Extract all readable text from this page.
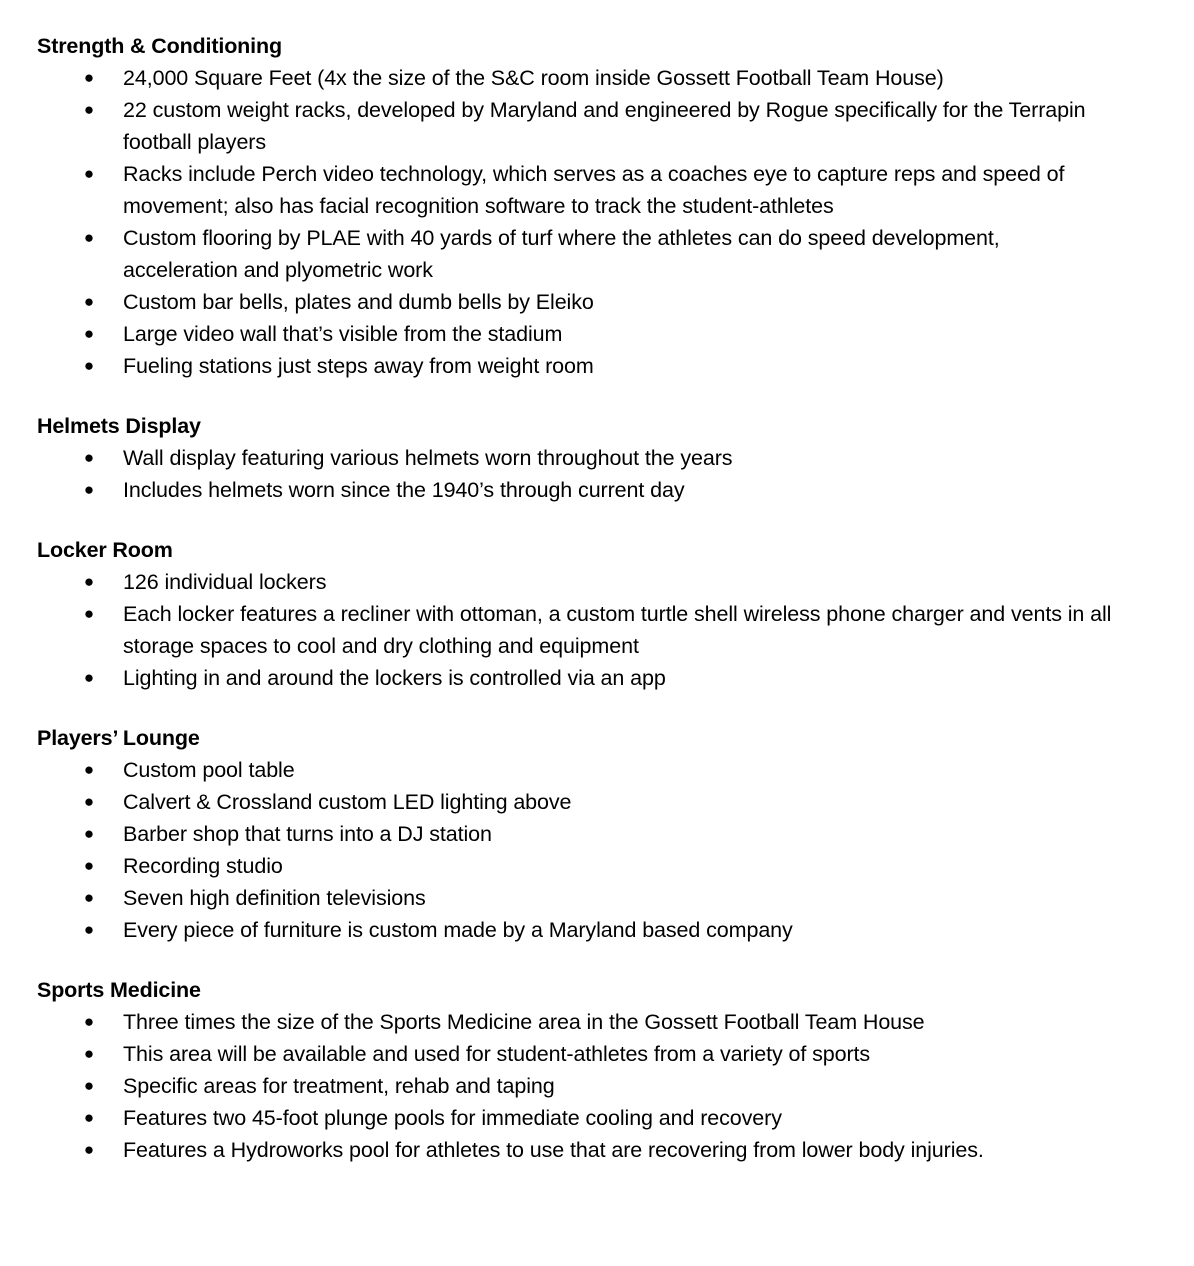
Strength & Conditioning
● 24,000 Square Feet (4x the size of the S&C room inside Gossett Football Team House)
● 22 custom weight racks, developed by Maryland and engineered by Rogue specifically for the Terrapin football players
● Racks include Perch video technology, which serves as a coaches eye to capture reps and speed of movement; also has facial recognition software to track the student-athletes
● Custom flooring by PLAE with 40 yards of turf where the athletes can do speed development, acceleration and plyometric work
● Custom bar bells, plates and dumb bells by Eleiko
● Large video wall that’s visible from the stadium
● Fueling stations just steps away from weight room
Helmets Display
● Wall display featuring various helmets worn throughout the years
● Includes helmets worn since the 1940’s through current day
Locker Room
● 126 individual lockers
● Each locker features a recliner with ottoman, a custom turtle shell wireless phone charger and vents in all storage spaces to cool and dry clothing and equipment
● Lighting in and around the lockers is controlled via an app
Players’ Lounge
● Custom pool table
● Calvert & Crossland custom LED lighting above
● Barber shop that turns into a DJ station
● Recording studio
● Seven high definition televisions
● Every piece of furniture is custom made by a Maryland based company
Sports Medicine
● Three times the size of the Sports Medicine area in the Gossett Football Team House
● This area will be available and used for student-athletes from a variety of sports
● Specific areas for treatment, rehab and taping
● Features two 45-foot plunge pools for immediate cooling and recovery
● Features a Hydroworks pool for athletes to use that are recovering from lower body injuries.
